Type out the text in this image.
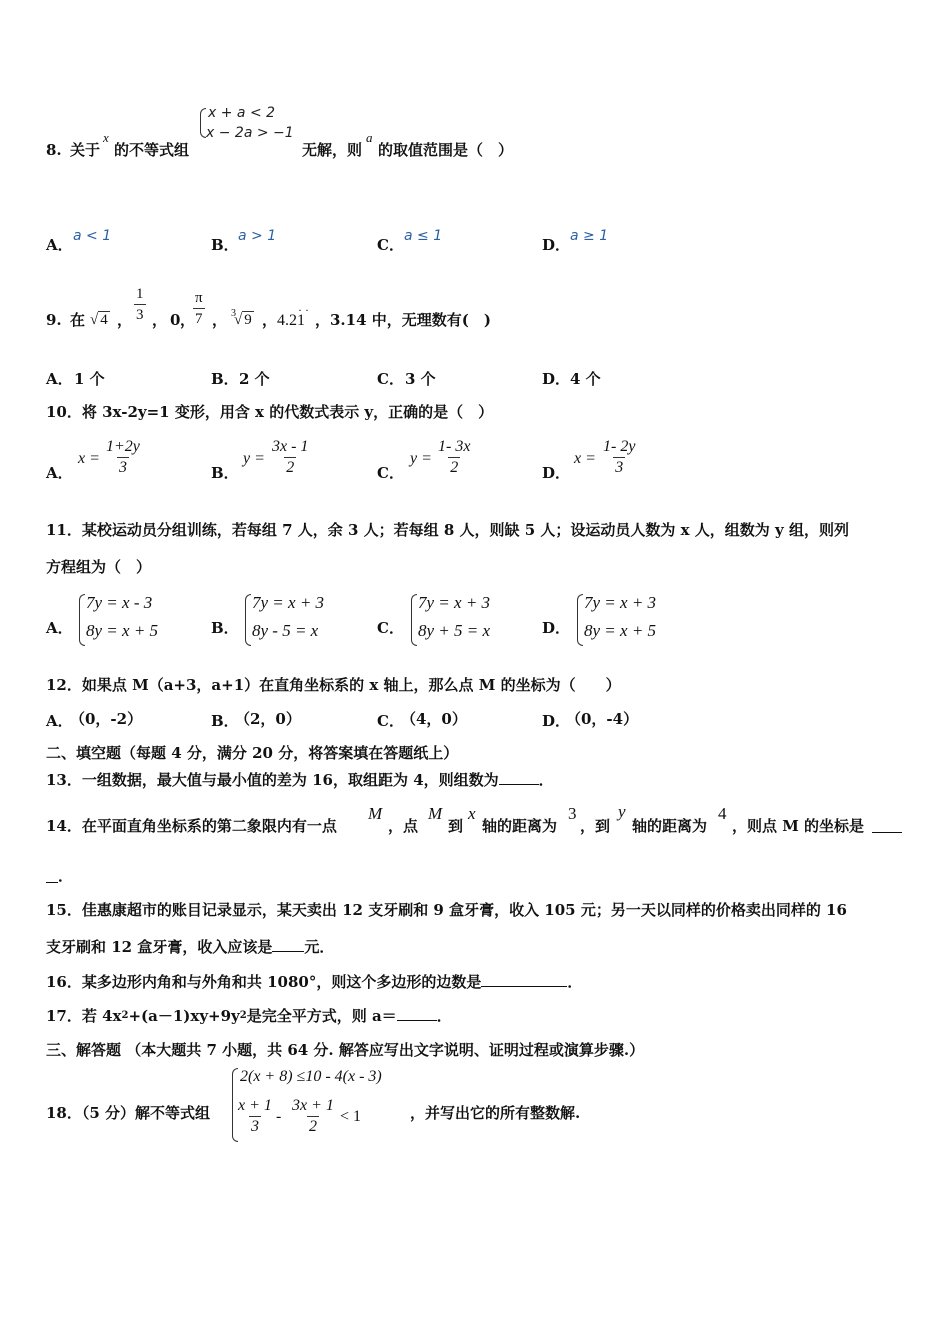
8. 关于
x
的不等式组
x + a < 2
x − 2a > −1
无解，则
a
的取值范围是（　）
A． a < 1	B． a > 1	C． a ≤ 1	D． a ≥ 1
9. 在 √ 4 ， $\frac{1}{3}$ ， 0 ，
$\frac{\pi}{7}$ ， 3
√ 9 ， 4.21
· ·
， 3.14 中，无理数有(　)
A． 1 个	B． 2 个	C． 3 个	D． 4 个
10．将 3x-2y=1 变形，用含 x 的代数式表示 y，正确的是（　）
A．
$x = \frac{1+2y}{3}$	B．
$y = \frac{3x - 1}{2}$	C．
$y = \frac{1- 3x}{2}$	D．
$x = \frac{1- 2y}{3}$
11．某校运动员分组训练，若每组 7 人，余 3 人；若每组 8 人，则缺 5 人；设运动员人数为 x 人，组数为 y 组，则列
方程组为（　）
A．
7y = x - 3
8y = x + 5	B．
7y = x + 3
8y - 5 = x	C．
7y = x + 3
8y + 5 = x	D．
7y = x + 3
8y = x + 5
12．如果点 M（a+3，a+1）在直角坐标系的 x 轴上，那么点 M 的坐标为（　　）
A．
（0，-2）	B．
（2，0）	C．
（4，0）	D．
（0，-4）
二、填空题（每题 4 分，满分 20 分，将答案填在答题纸上）
13．一组数据，最大值与最小值的差为 16，取组距为 4，则组数为	．
14．在平面直角坐标系的第二象限内有一点
M
，点
M
到
x
轴的距离为
3
，到
y
轴的距离为
4
，则点 M 的坐标是
．
15．佳惠康超市的账目记录显示，某天卖出 12 支牙刷和 9 盒牙膏，收入 105 元；另一天以同样的价格卖出同样的 16
支牙刷和 12 盒牙膏，收入应该是 元．
16．某多边形内角和与外角和共 1080°，则这个多边形的边数是	．
17．若 $4x^2+(a-1)xy+9y^2$是完全平方式，则 a＝	．
三、解答题 （本大题共 7 小题，共 64 分. 解答应写出文字说明、证明过程或演算步骤.）
18．（5 分）解不等式组
2(x + 8) ≤10 - 4(x - 3)
$\frac{x + 1}{3} - \frac{3x + 1}{2} < 1$	，并写出它的所有整数解.
